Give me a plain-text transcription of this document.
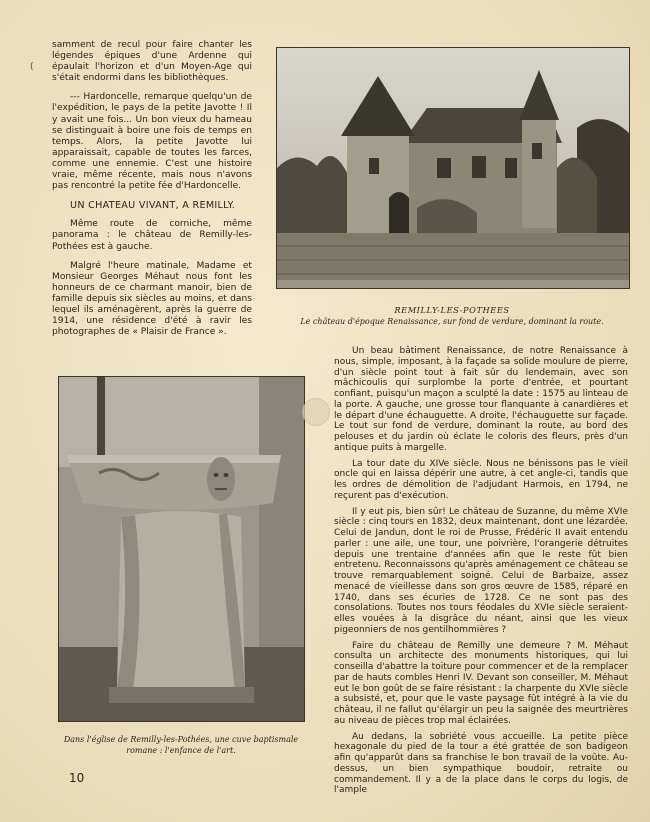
(

samment de recul pour faire chanter les légendes épiques d'une Ardenne qui épaulait l'horizon et d'un Moyen-Age qui s'était endormi dans les bibliothèques.

--- Hardoncelle, remarque quelqu'un de l'expédition, le pays de la petite Javotte ! Il y avait une fois... Un bon vieux du hameau se distinguait à boire une fois de temps en temps. Alors, la petite Javotte lui apparaissait, capable de toutes les farces, comme une ennemie. C'est une histoire vraie, même récente, mais nous n'avons pas rencontré la petite fée d'Hardoncelle.

UN CHATEAU VIVANT, A REMILLY.

Même route de corniche, même panorama : le château de Remilly-les-Pothées est à gauche.

Malgré l'heure matinale, Madame et Monsieur Georges Méhaut nous font les honneurs de ce charmant manoir, bien de famille depuis six siècles au moins, et dans lequel ils aménagèrent, après la guerre de 1914, une résidence d'été à ravir les photographes de « Plaisir de France ».

REMILLY-LES-POTHEES
Le château d'époque Renaissance, sur fond de verdure, dominant la route.
Dans l'église de Remilly-les-Pothées, une cuve baptismale
romane : l'enfance de l'art.

Un beau bâtiment Renaissance, de notre Renaissance à nous, simple, imposant, à la façade sa solide moulure de pierre, d'un siècle point tout à fait sûr du lendemain, avec son mâchicoulis qui surplombe la porte d'entrée, et pourtant confiant, puisqu'un maçon a sculpté la date : 1575 au linteau de la porte. A gauche, une grosse tour flanquante à canardières et le départ d'une échauguette. A droite, l'échauguette sur façade. Le tout sur fond de verdure, dominant la route, au bord des pelouses et du jardin où éclate le coloris des fleurs, près d'un antique puits à margelle.

La tour date du XIVe siècle. Nous ne bénissons pas le vieil oncle qui en laissa dépérir une autre, à cet angle-ci, tandis que les ordres de démolition de l'adjudant Harmois, en 1794, ne reçurent pas d'exécution.

Il y eut pis, bien sûr! Le château de Suzanne, du même XVIe siècle : cinq tours en 1832, deux maintenant, dont une lézardée. Celui de Jandun, dont le roi de Prusse, Frédéric II avait entendu parler : une aile, une tour, une poivrière, l'orangerie détruites depuis une trentaine d'années afin que le reste fût bien entretenu. Reconnaissons qu'après aménagement ce château se trouve remarquablement soigné. Celui de Barbaize, assez menacé de vieillesse dans son gros œuvre de 1585, réparé en 1740, dans ses écuries de 1728. Ce ne sont pas des consolations. Toutes nos tours féodales du XVIe siècle seraient-elles vouées à la disgrâce du néant, ainsi que les vieux pigeonniers de nos gentilhommières ?

Faire du château de Remilly une demeure ? M. Méhaut consulta un architecte des monuments historiques, qui lui conseilla d'abattre la toiture pour commencer et de la remplacer par de hauts combles Henri IV. Devant son conseiller, M. Méhaut eut le bon goût de se faire résistant : la charpente du XVIe siècle a subsisté, et, pour que le vaste paysage fût intégré à la vie du château, il ne fallut qu'élargir un peu la saignée des meurtrières au niveau de pièces trop mal éclairées.

Au dedans, la sobriété vous accueille. La petite pièce hexagonale du pied de la tour a été grattée de son badigeon afin qu'apparût dans sa franchise le bon travail de la voûte. Au-dessus, un bien sympathique boudoir, retraite ou commandement. Il y a de la place dans le corps du logis, de l'ample

10
